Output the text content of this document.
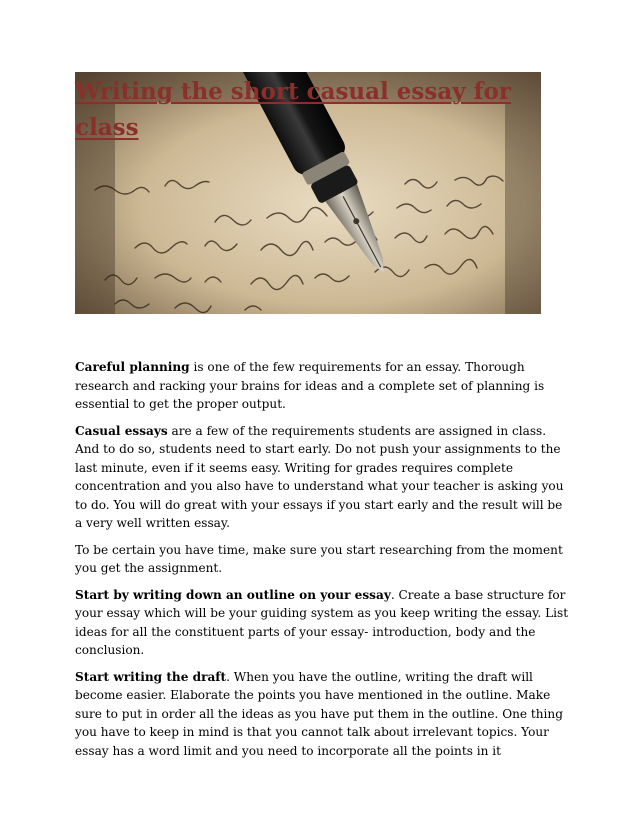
Writing the short casual essay for class

Careful planning is one of the few requirements for an essay. Thorough research and racking your brains for ideas and a complete set of planning is essential to get the proper output.

Casual essays are a few of the requirements students are assigned in class. And to do so, students need to start early. Do not push your assignments to the last minute, even if it seems easy. Writing for grades requires complete concentration and you also have to understand what your teacher is asking you to do. You will do great with your essays if you start early and the result will be a very well written essay.

To be certain you have time, make sure you start researching from the moment you get the assignment.

Start by writing down an outline on your essay. Create a base structure for your essay which will be your guiding system as you keep writing the essay. List ideas for all the constituent parts of your essay- introduction, body and the conclusion.

Start writing the draft. When you have the outline, writing the draft will become easier. Elaborate the points you have mentioned in the outline. Make sure to put in order all the ideas as you have put them in the outline. One thing you have to keep in mind is that you cannot talk about irrelevant topics. Your essay has a word limit and you need to incorporate all the points in it
